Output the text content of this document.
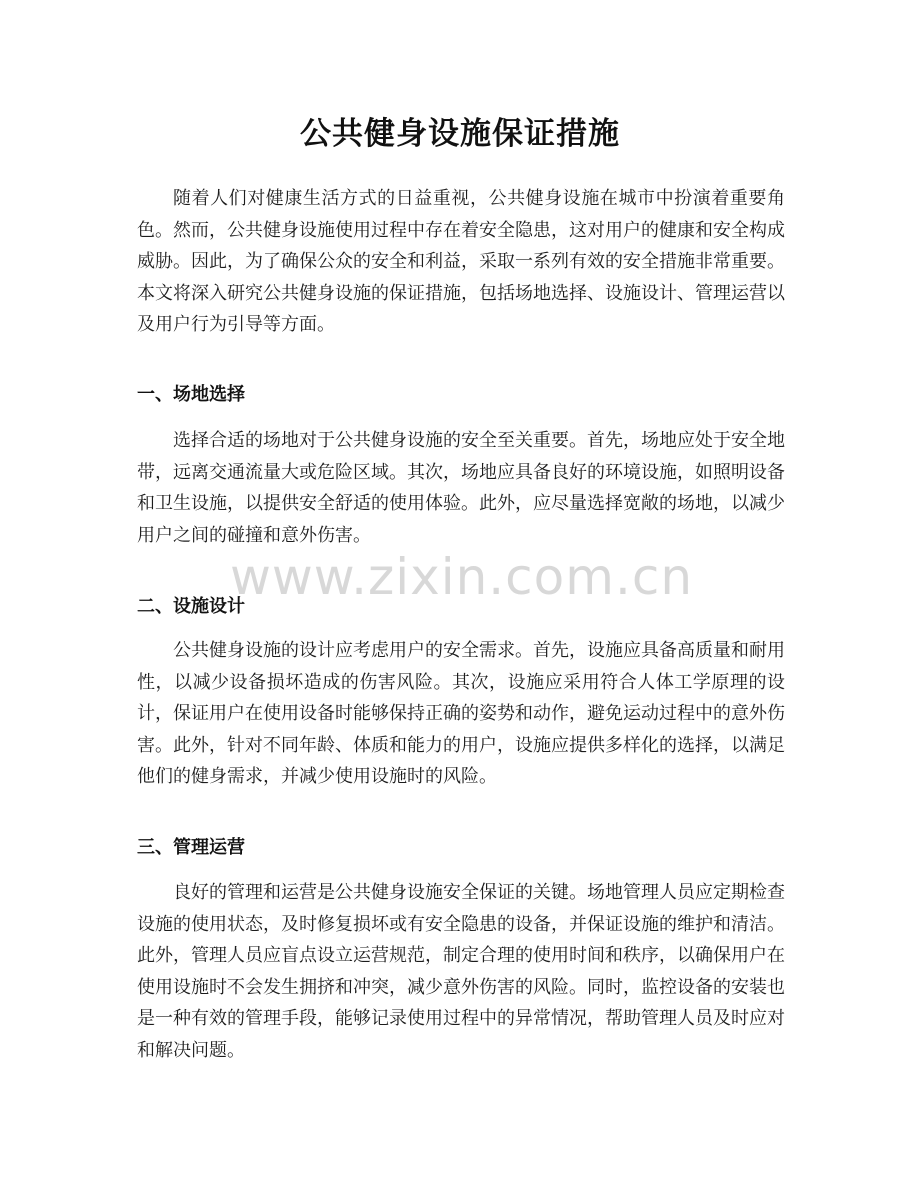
公共健身设施保证措施

随着人们对健康生活方式的日益重视，公共健身设施在城市中扮演着重要角色。然而，公共健身设施使用过程中存在着安全隐患，这对用户的健康和安全构成威胁。因此，为了确保公众的安全和利益，采取一系列有效的安全措施非常重要。本文将深入研究公共健身设施的保证措施，包括场地选择、设施设计、管理运营以及用户行为引导等方面。

一、场地选择

选择合适的场地对于公共健身设施的安全至关重要。首先，场地应处于安全地带，远离交通流量大或危险区域。其次，场地应具备良好的环境设施，如照明设备和卫生设施，以提供安全舒适的使用体验。此外，应尽量选择宽敞的场地，以减少用户之间的碰撞和意外伤害。

二、设施设计

公共健身设施的设计应考虑用户的安全需求。首先，设施应具备高质量和耐用性，以减少设备损坏造成的伤害风险。其次，设施应采用符合人体工学原理的设计，保证用户在使用设备时能够保持正确的姿势和动作，避免运动过程中的意外伤害。此外，针对不同年龄、体质和能力的用户，设施应提供多样化的选择，以满足他们的健身需求，并减少使用设施时的风险。

三、管理运营

良好的管理和运营是公共健身设施安全保证的关键。场地管理人员应定期检查设施的使用状态，及时修复损坏或有安全隐患的设备，并保证设施的维护和清洁。此外，管理人员应盲点设立运营规范，制定合理的使用时间和秩序，以确保用户在使用设施时不会发生拥挤和冲突，减少意外伤害的风险。同时，监控设备的安装也是一种有效的管理手段，能够记录使用过程中的异常情况，帮助管理人员及时应对和解决问题。

www.zixin.com.cn
